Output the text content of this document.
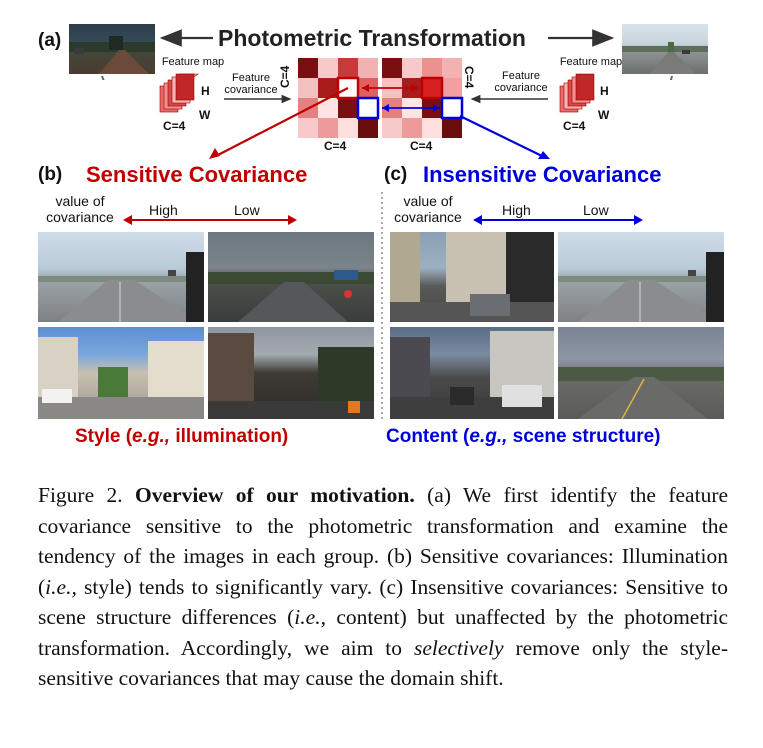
(a)	Photometric Transformation
Feature map	Feature map
Feature
covariance
Feature
covariance
H
W
C=4
H
W
C=4
C=4	C=4
C=4	C=4
(b) Sensitive Covariance
value of
covariance	High	Low
Style (e.g., illumination)
(c) Insensitive Covariance
value of
covariance	High	Low
Content (e.g., scene structure)
Figure 2. Overview of our motivation. (a) We first identify the feature covariance sensitive to the photometric transformation and examine the tendency of the images in each group. (b) Sensitive covariances: Illumination (i.e., style) tends to significantly vary. (c) Insensitive covariances: Sensitive to scene structure differences (i.e., content) but unaffected by the photometric transformation. Accordingly, we aim to selectively remove only the style-sensitive covariances that may cause the domain shift.
